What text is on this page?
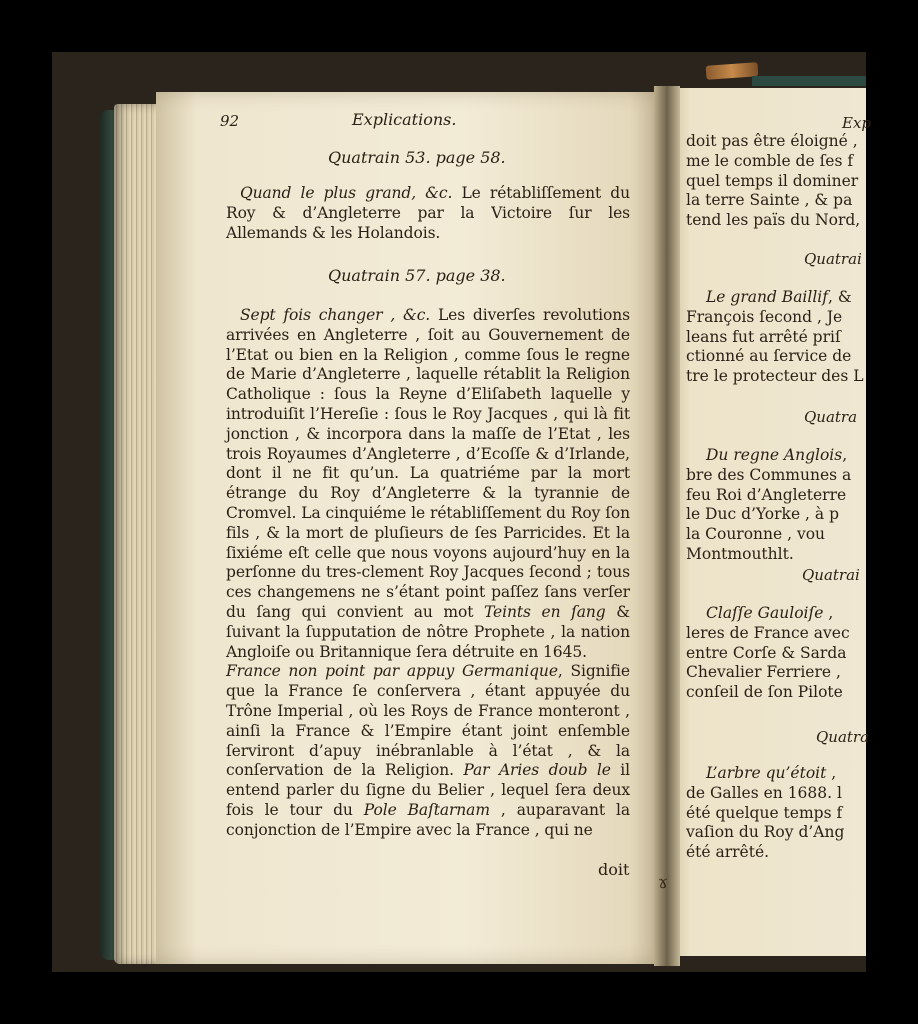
92	Explications.
Quatrain 53. page 58.

Quand le plus grand, &c. Le rétabliſſement du Roy & d’Angleterre par la Victoire ſur les Allemands & les Holandois.

Quatrain 57. page 38.

Sept fois changer , &c. Les diverſes revolutions arrivées en Angleterre , ſoit au Gouvernement de l’Etat ou bien en la Religion , comme ſous le regne de Marie d’Angleterre , laquelle rétablit la Religion Catholique : ſous la Reyne d’Eliſabeth laquelle y introduiſit l’Hereſie : ſous le Roy Jacques , qui là fit jonction , & incorpora dans la maſſe de l’Etat , les trois Royaumes d’Angleterre , d’Ecoſſe & d’Irlande, dont il ne fit qu’un. La quatriéme par la mort étrange du Roy d’Angleterre & la tyrannie de Cromvel. La cinquiéme le rétabliſſement du Roy ſon fils , & la mort de pluſieurs de ſes Parricides. Et la ſixiéme eſt celle que nous voyons aujourd’huy en la perſonne du tres-clement Roy Jacques ſecond ; tous ces changemens ne s’étant point paſſez ſans verſer du ſang qui convient au mot Teints en ſang & ſuivant la ſupputation de nôtre Prophete , la nation Angloiſe ou Britannique ſera détruite en 1645.

France non point par appuy Germanique, Signifie que la France ſe conſervera , étant appuyée du Trône Imperial , où les Roys de France monteront , ainſi la France & l’Empire étant joint enſemble ſerviront d’apuy inébranlable à l’état , & la conſervation de la Religion. Par Aries doub le il entend parler du ſigne du Belier , lequel ſera deux fois le tour du Pole Baſtarnam , auparavant la conjonction de l’Empire avec la France , qui ne

doit
ɤ
Exp
doit pas être éloigné ,
me le comble de ſes f
quel temps il dominer
la terre Sainte , & pa
tend les païs du Nord,
Quatrai
Le grand Baillif, &
François ſecond , Je
leans fut arrêté priſ
ctionné au ſervice de
tre le protecteur des L
Quatra
Du regne Anglois,
bre des Communes a
feu Roi d’Angleterre
le Duc d’Yorke , à p
la Couronne , vou
Montmouthlt.
Quatrai
Claſſe Gauloiſe ,
leres de France avec
entre Corſe & Sarda
Chevalier Ferriere ,
conſeil de ſon Pilote
Quatra
L’arbre qu’étoit ,
de Galles en 1688. l
été quelque temps f
vaſion du Roy d’Ang
été arrêté.
